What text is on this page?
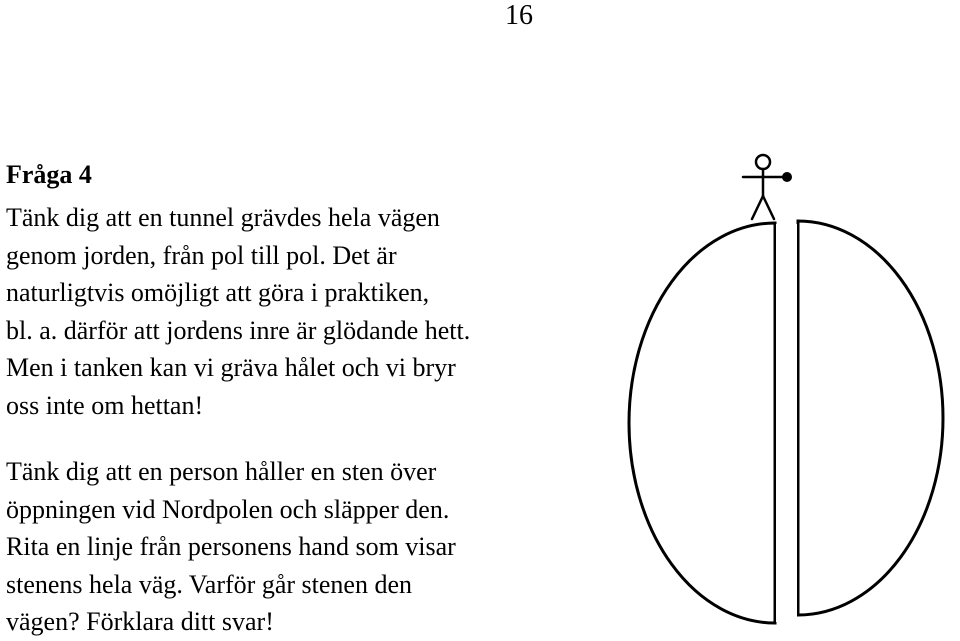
16
Fråga 4

Tänk dig att en tunnel grävdes hela vägen
genom jorden, från pol till pol. Det är
naturligtvis omöjligt att göra i praktiken,
bl. a. därför att jordens inre är glödande hett.
Men i tanken kan vi gräva hålet och vi bryr
oss inte om hettan!

Tänk dig att en person håller en sten över
öppningen vid Nordpolen och släpper den.
Rita en linje från personens hand som visar
stenens hela väg. Varför går stenen den
vägen? Förklara ditt svar!
